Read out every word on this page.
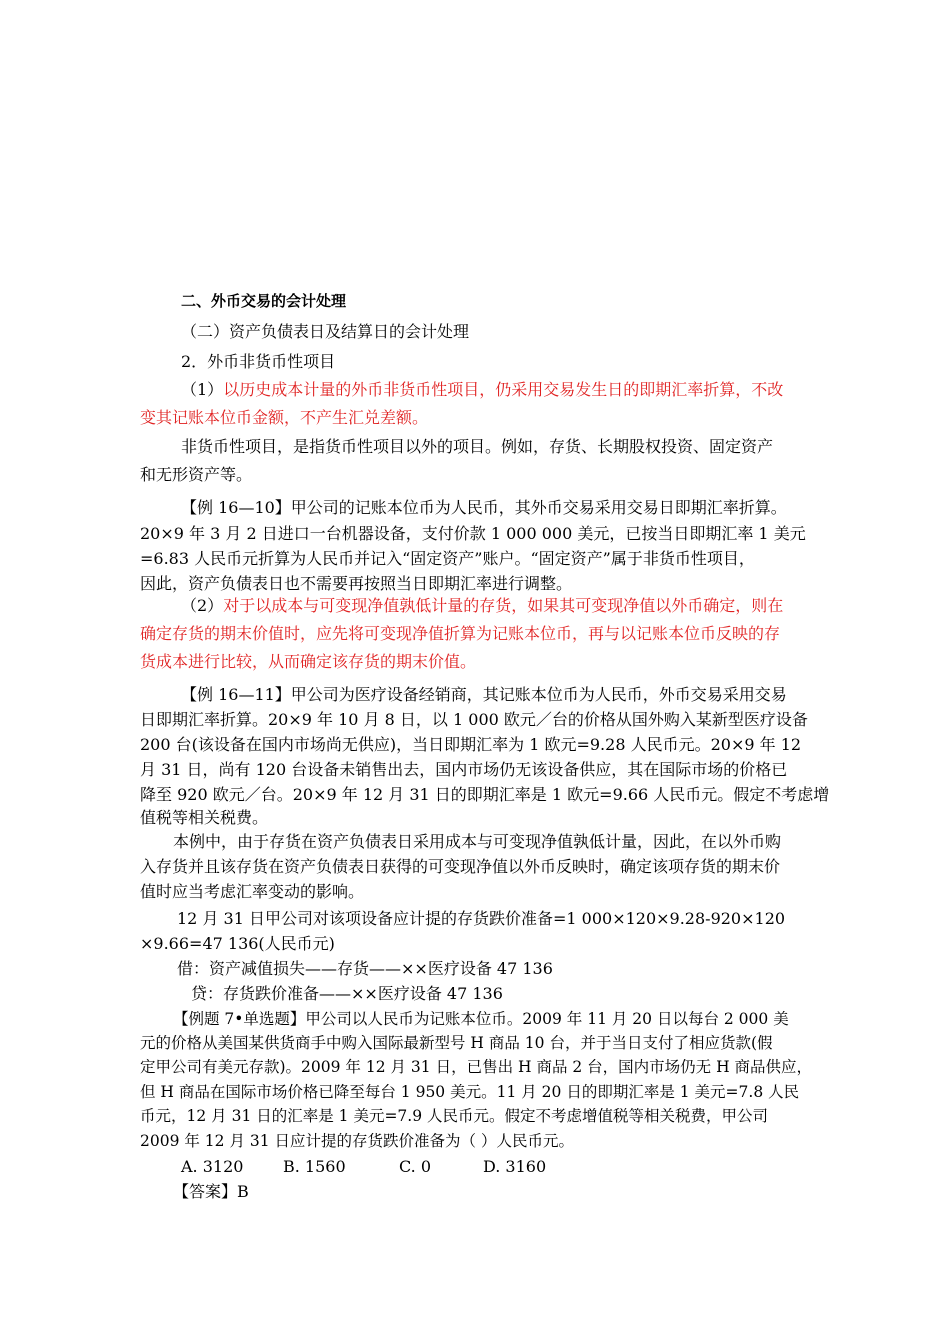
二、外币交易的会计处理
（二）资产负债表日及结算日的会计处理
2．外币非货币性项目
（1）以历史成本计量的外币非货币性项目，仍采用交易发生日的即期汇率折算，不改
变其记账本位币金额，不产生汇兑差额。
非货币性项目，是指货币性项目以外的项目。例如，存货、长期股权投资、固定资产
和无形资产等。
【例 16—10】甲公司的记账本位币为人民币，其外币交易采用交易日即期汇率折算。
20×9 年 3 月 2 日进口一台机器设备，支付价款 1 000 000 美元，已按当日即期汇率 1 美元
=6.83 人民币元折算为人民币并记入“固定资产”账户。“固定资产”属于非货币性项目，
因此，资产负债表日也不需要再按照当日即期汇率进行调整。
（2）对于以成本与可变现净值孰低计量的存货，如果其可变现净值以外币确定，则在
确定存货的期末价值时，应先将可变现净值折算为记账本位币，再与以记账本位币反映的存
货成本进行比较，从而确定该存货的期末价值。
【例 16—11】甲公司为医疗设备经销商，其记账本位币为人民币，外币交易采用交易
日即期汇率折算。20×9 年 10 月 8 日，以 1 000 欧元／台的价格从国外购入某新型医疗设备
200 台(该设备在国内市场尚无供应)，当日即期汇率为 1 欧元=9.28 人民币元。20×9 年 12
月 31 日，尚有 120 台设备未销售出去，国内市场仍无该设备供应，其在国际市场的价格已
降至 920 欧元／台。20×9 年 12 月 31 日的即期汇率是 1 欧元=9.66 人民币元。假定不考虑增
值税等相关税费。
本例中，由于存货在资产负债表日采用成本与可变现净值孰低计量，因此，在以外币购
入存货并且该存货在资产负债表日获得的可变现净值以外币反映时，确定该项存货的期末价
值时应当考虑汇率变动的影响。
12 月 31 日甲公司对该项设备应计提的存货跌价准备=1 000×120×9.28-920×120
×9.66=47 136(人民币元)
借：资产减值损失——存货——××医疗设备 47 136
贷：存货跌价准备——××医疗设备 47 136
【例题 7•单选题】甲公司以人民币为记账本位币。2009 年 11 月 20 日以每台 2 000 美
元的价格从美国某供货商手中购入国际最新型号 H 商品 10 台，并于当日支付了相应货款(假
定甲公司有美元存款)。2009 年 12 月 31 日，已售出 H 商品 2 台，国内市场仍无 H 商品供应，
但 H 商品在国际市场价格已降至每台 1 950 美元。11 月 20 日的即期汇率是 1 美元=7.8 人民
币元，12 月 31 日的汇率是 1 美元=7.9 人民币元。假定不考虑增值税等相关税费，甲公司
2009 年 12 月 31 日应计提的存货跌价准备为（ ）人民币元。
A. 3120 B. 1560	C. 0	D. 3160
【答案】B
